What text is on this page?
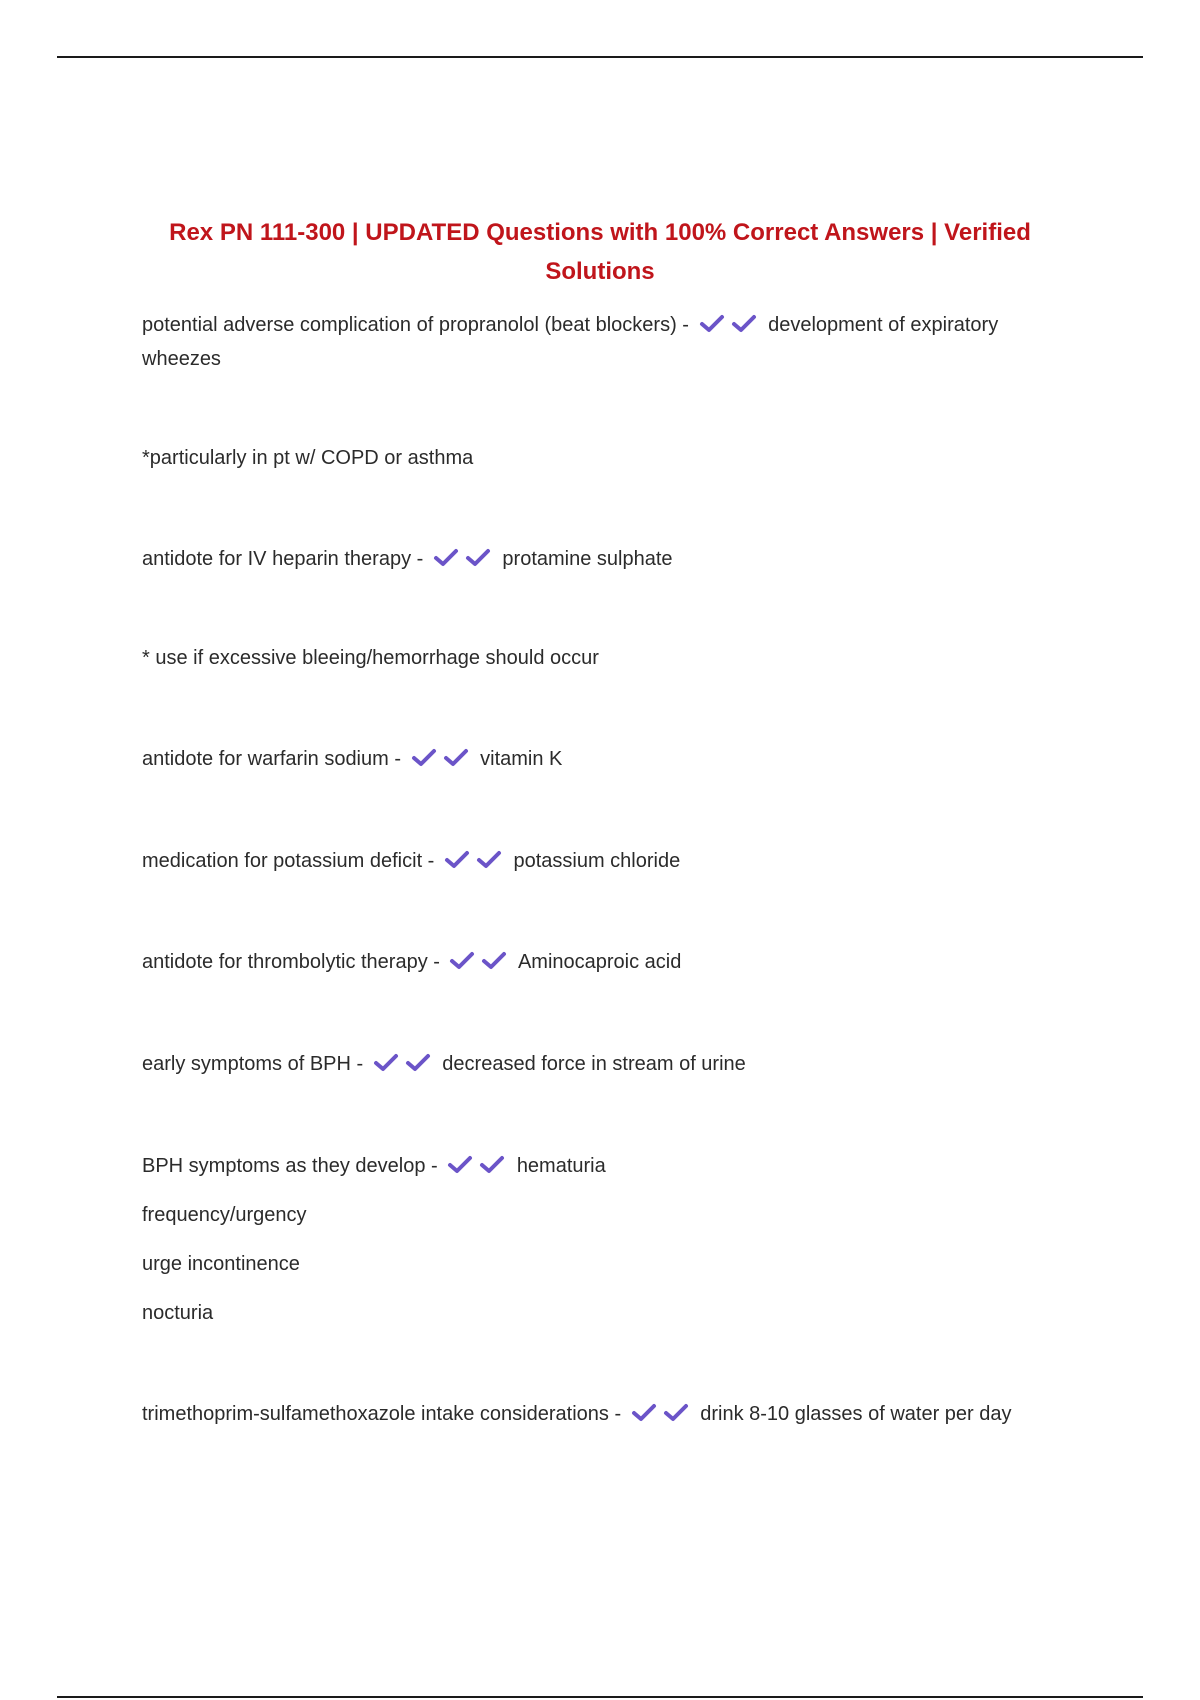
Rex PN 111-300 | UPDATED Questions with 100% Correct Answers | Verified Solutions

potential adverse complication of propranolol (beat blockers) -	development of expiratory wheezes

*particularly in pt w/ COPD or asthma

antidote for IV heparin therapy -	protamine sulphate

* use if excessive bleeing/hemorrhage should occur

antidote for warfarin sodium -	vitamin K

medication for potassium deficit -	potassium chloride

antidote for thrombolytic therapy -	Aminocaproic acid

early symptoms of BPH -	decreased force in stream of urine

BPH symptoms as they develop -	hematuria

frequency/urgency

urge incontinence

nocturia

trimethoprim-sulfamethoxazole intake considerations -	drink 8-10 glasses of water per day
